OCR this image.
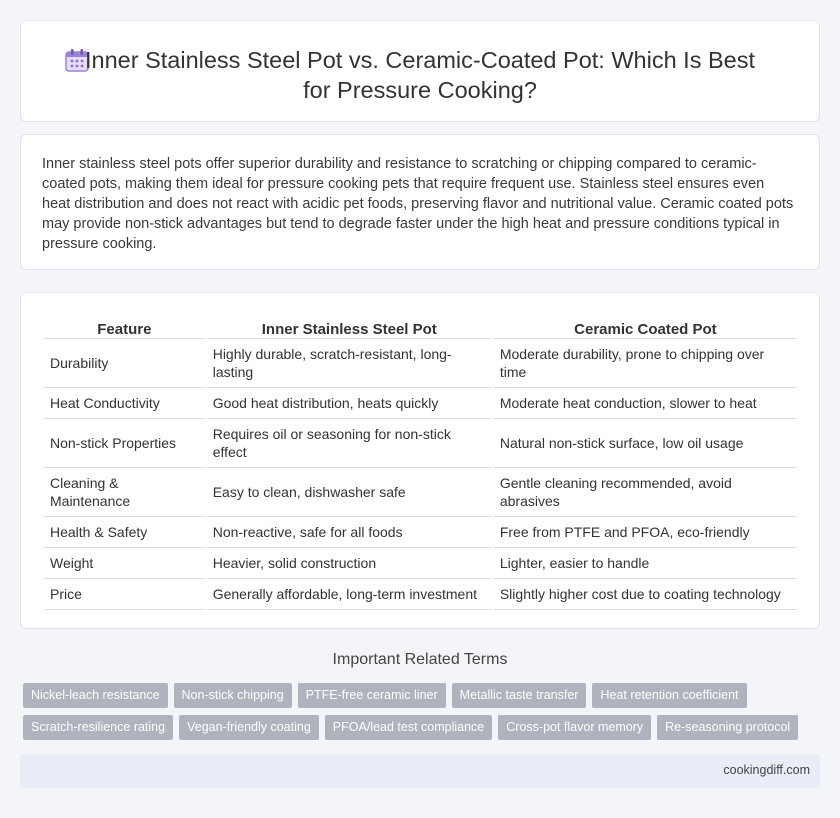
Inner Stainless Steel Pot vs. Ceramic-Coated Pot: Which Is Best for Pressure Cooking?

Inner stainless steel pots offer superior durability and resistance to scratching or chipping compared to ceramic-coated pots, making them ideal for pressure cooking pets that require frequent use. Stainless steel ensures even heat distribution and does not react with acidic pet foods, preserving flavor and nutritional value. Ceramic coated pots may provide non-stick advantages but tend to degrade faster under the high heat and pressure conditions typical in pressure cooking.

Feature	Inner Stainless Steel Pot	Ceramic Coated Pot
Durability	Highly durable, scratch-resistant, long-lasting	Moderate durability, prone to chipping over time
Heat Conductivity	Good heat distribution, heats quickly	Moderate heat conduction, slower to heat
Non-stick Properties	Requires oil or seasoning for non-stick effect	Natural non-stick surface, low oil usage
Cleaning & Maintenance	Easy to clean, dishwasher safe	Gentle cleaning recommended, avoid abrasives
Health & Safety	Non-reactive, safe for all foods	Free from PTFE and PFOA, eco-friendly
Weight	Heavier, solid construction	Lighter, easier to handle
Price	Generally affordable, long-term investment	Slightly higher cost due to coating technology
Important Related Terms
Nickel-leach resistance	Non-stick chipping	PTFE-free ceramic liner	Metallic taste transfer	Heat retention coefficient
Scratch-resilience rating	Vegan-friendly coating	PFOA/lead test compliance	Cross-pot flavor memory	Re-seasoning protocol
cookingdiff.com
